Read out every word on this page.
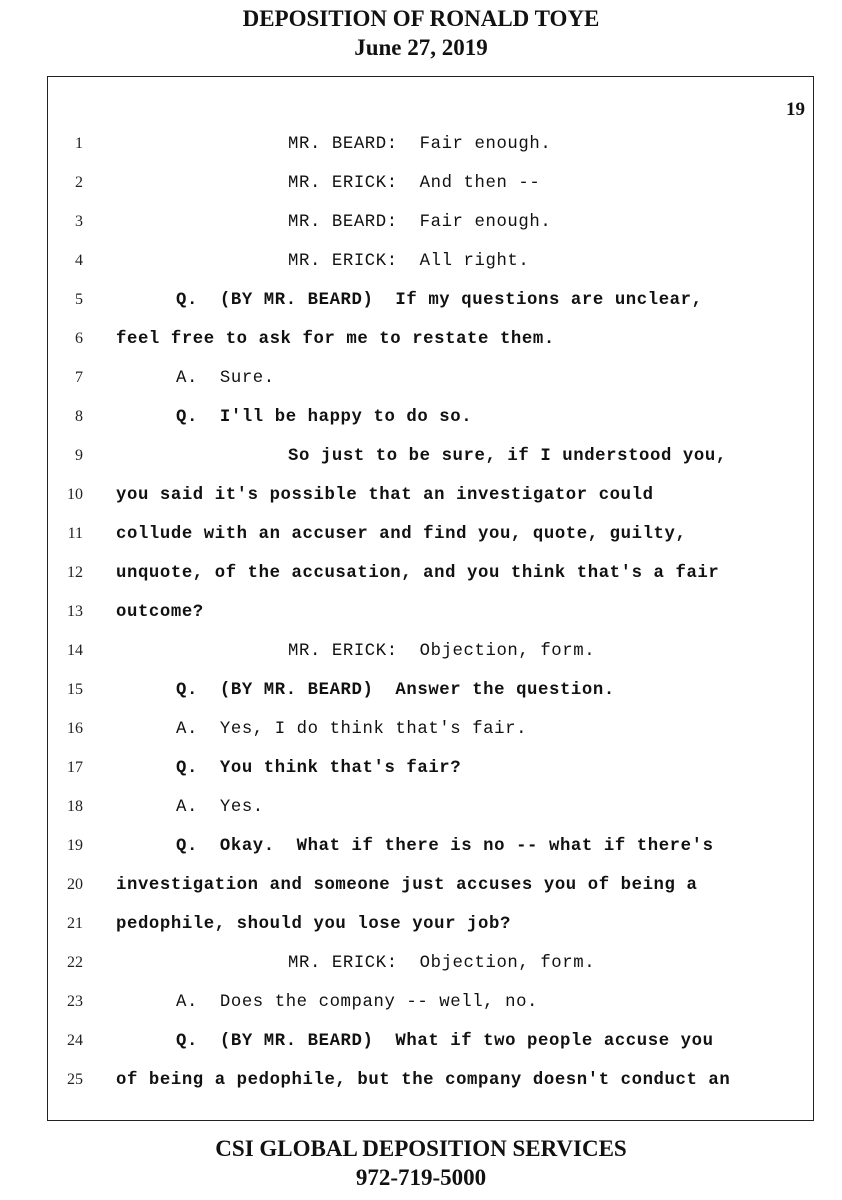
DEPOSITION OF RONALD TOYE
June 27, 2019
19
1	MR. BEARD:  Fair enough.
2	MR. ERICK:  And then --
3	MR. BEARD:  Fair enough.
4	MR. ERICK:  All right.
5	Q.  (BY MR. BEARD)  If my questions are unclear,
6 feel free to ask for me to restate them.
7	A.  Sure.
8	Q.  I'll be happy to do so.
9	So just to be sure, if I understood you,
10 you said it's possible that an investigator could
11 collude with an accuser and find you, quote, guilty,
12 unquote, of the accusation, and you think that's a fair
13 outcome?
14	MR. ERICK:  Objection, form.
15	Q.  (BY MR. BEARD)  Answer the question.
16	A.  Yes, I do think that's fair.
17	Q.  You think that's fair?
18	A.  Yes.
19	Q.  Okay.  What if there is no -- what if there's
20 investigation and someone just accuses you of being a
21 pedophile, should you lose your job?
22	MR. ERICK:  Objection, form.
23	A.  Does the company -- well, no.
24	Q.  (BY MR. BEARD)  What if two people accuse you
25 of being a pedophile, but the company doesn't conduct an
CSI GLOBAL DEPOSITION SERVICES
972-719-5000
